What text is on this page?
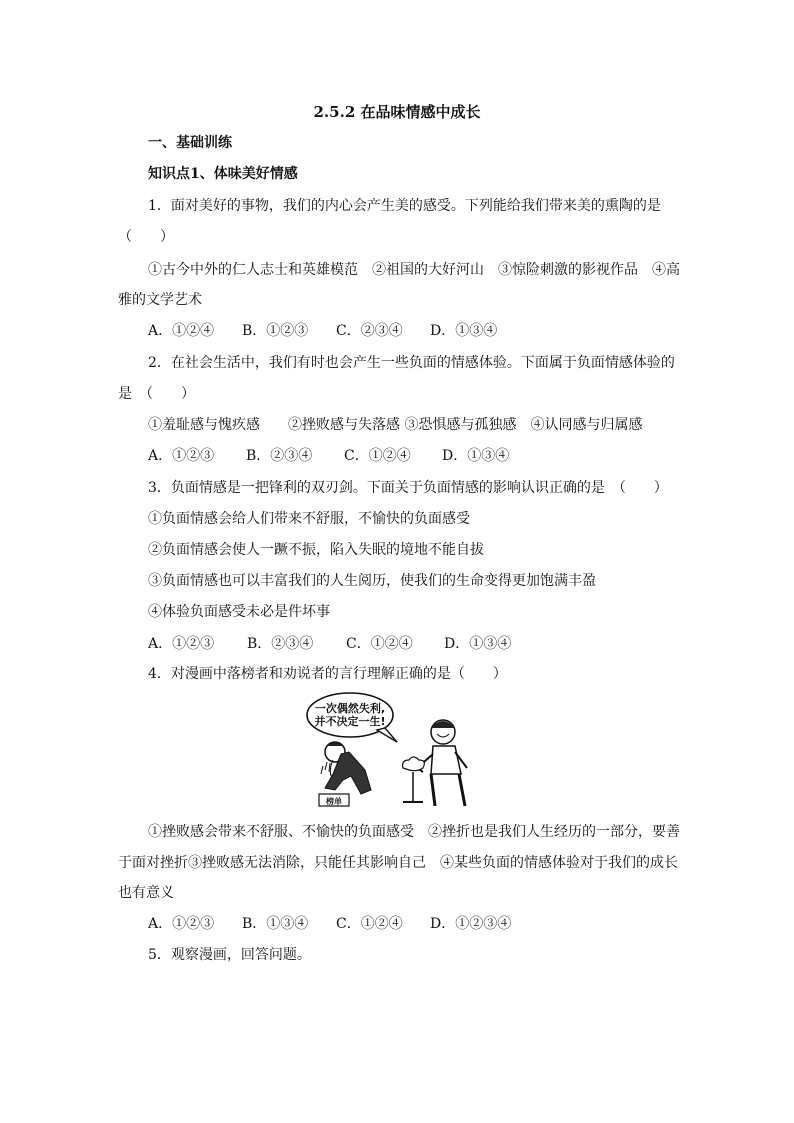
2.5.2 在品味情感中成长
一、基础训练
知识点1、体味美好情感
1．面对美好的事物，我们的内心会产生美的感受。下列能给我们带来美的熏陶的是
（　　）
①古今中外的仁人志士和英雄模范　②祖国的大好河山　③惊险刺激的影视作品　④高
雅的文学艺术
A．①②④ B．①②③ C．②③④ D．①③④
2．在社会生活中，我们有时也会产生一些负面的情感体验。下面属于负面情感体验的
是　（　　）
①羞耻感与愧疚感　　②挫败感与失落感 ③恐惧感与孤独感　④认同感与归属感
A．①②③ B．②③④ C．①②④ D．①③④
3．负面情感是一把锋利的双刃剑。下面关于负面情感的影响认识正确的是　（　　）
①负面情感会给人们带来不舒服，不愉快的负面感受
②负面情感会使人一蹶不振，陷入失眠的境地不能自拔
③负面情感也可以丰富我们的人生阅历，使我们的生命变得更加饱满丰盈
④体验负面感受未必是件坏事
A．①②③ B．②③④ C．①②④ D．①③④
4．对漫画中落榜者和劝说者的言行理解正确的是（　　）
一次偶然失利,
并不决定一生!
榜单
①挫败感会带来不舒服、不愉快的负面感受　②挫折也是我们人生经历的一部分，要善
于面对挫折③挫败感无法消除，只能任其影响自己　④某些负面的情感体验对于我们的成长
也有意义
A．①②③ B．①③④ C．①②④ D．①②③④
5．观察漫画，回答问题。
